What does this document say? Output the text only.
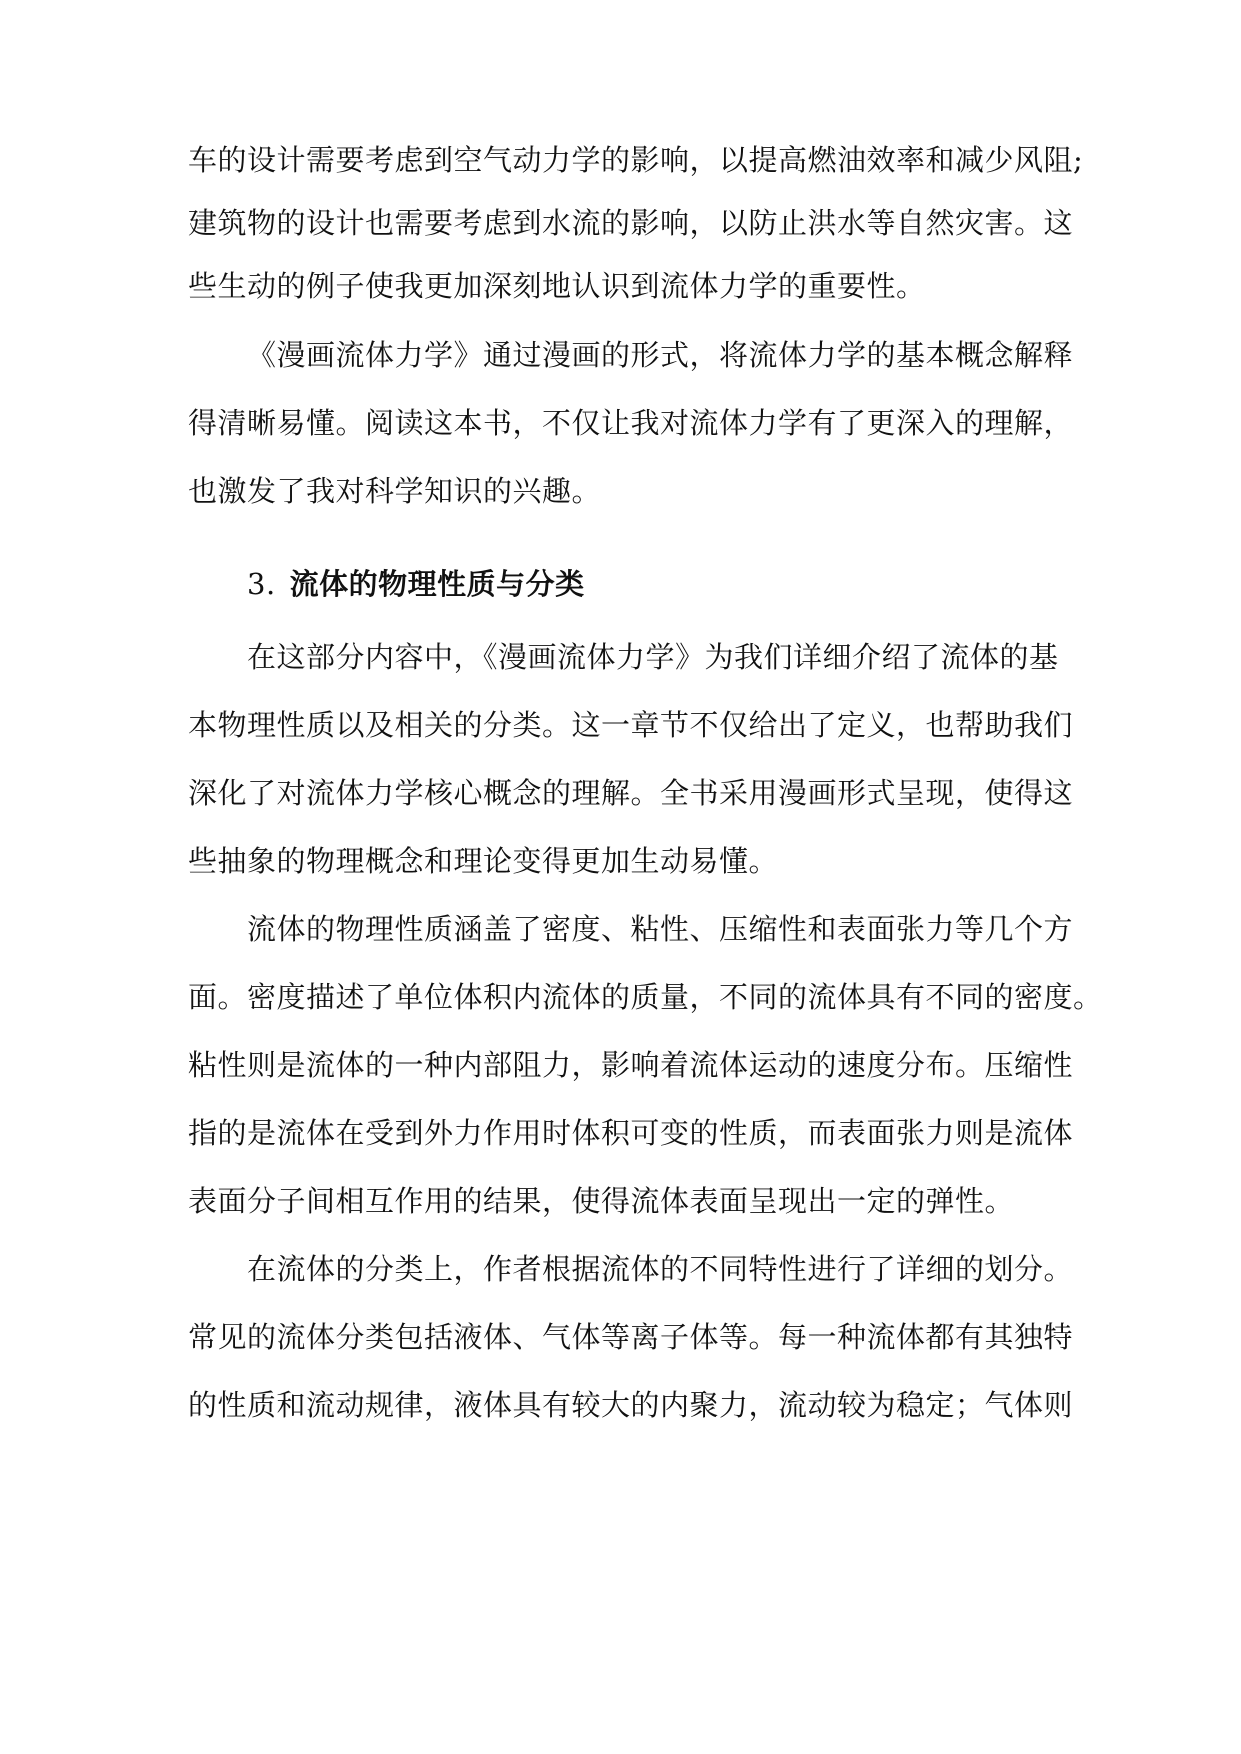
车的设计需要考虑到空气动力学的影响，以提高燃油效率和减少风阻;
建筑物的设计也需要考虑到水流的影响，以防止洪水等自然灾害。这
些生动的例子使我更加深刻地认识到流体力学的重要性。
《漫画流体力学》通过漫画的形式，将流体力学的基本概念解释
得清晰易懂。阅读这本书，不仅让我对流体力学有了更深入的理解，
也激发了我对科学知识的兴趣。
3. 流体的物理性质与分类
在这部分内容中，《漫画流体力学》为我们详细介绍了流体的基
本物理性质以及相关的分类。这一章节不仅给出了定义，也帮助我们
深化了对流体力学核心概念的理解。全书采用漫画形式呈现，使得这
些抽象的物理概念和理论变得更加生动易懂。
流体的物理性质涵盖了密度、粘性、压缩性和表面张力等几个方
面。密度描述了单位体积内流体的质量，不同的流体具有不同的密度。
粘性则是流体的一种内部阻力，影响着流体运动的速度分布。压缩性
指的是流体在受到外力作用时体积可变的性质，而表面张力则是流体
表面分子间相互作用的结果，使得流体表面呈现出一定的弹性。
在流体的分类上，作者根据流体的不同特性进行了详细的划分。
常见的流体分类包括液体、气体等离子体等。每一种流体都有其独特
的性质和流动规律，液体具有较大的内聚力，流动较为稳定；气体则
